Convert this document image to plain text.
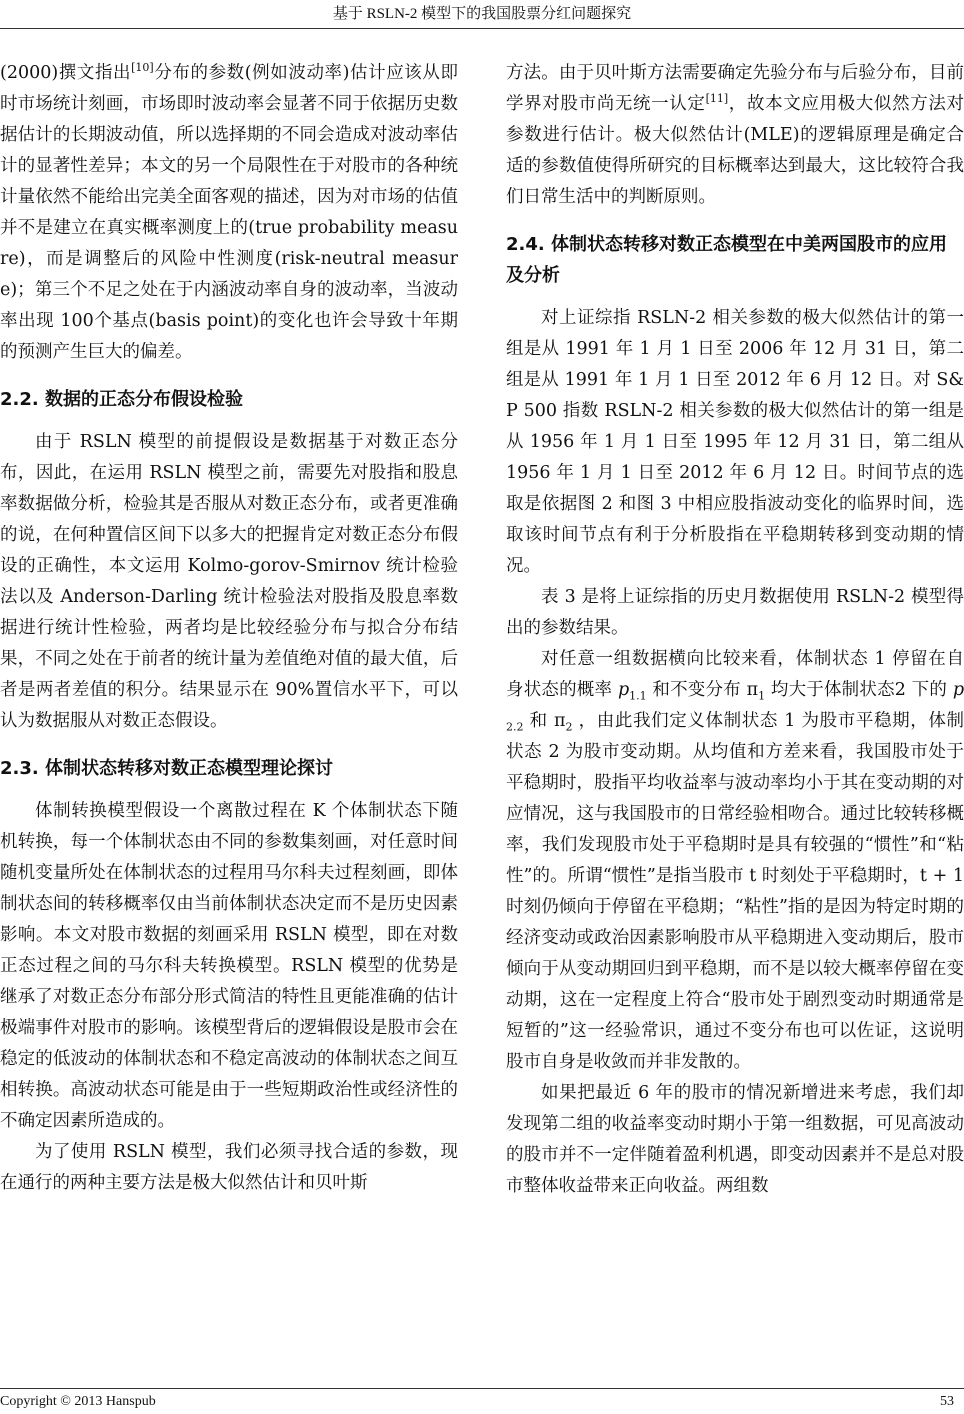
基于 RSLN-2 模型下的我国股票分红问题探究

(2000)撰文指出[10]分布的参数(例如波动率)估计应该从即时市场统计刻画，市场即时波动率会显著不同于依据历史数据估计的长期波动值，所以选择期的不同会造成对波动率估计的显著性差异；本文的另一个局限性在于对股市的各种统计量依然不能给出完美全面客观的描述，因为对市场的估值并不是建立在真实概率测度上的(true probability measure)，而是调整后的风险中性测度(risk-neutral measure)；第三个不足之处在于内涵波动率自身的波动率，当波动率出现 100个基点(basis point)的变化也许会导致十年期的预测产生巨大的偏差。

2.2. 数据的正态分布假设检验

由于 RSLN 模型的前提假设是数据基于对数正态分布，因此，在运用 RSLN 模型之前，需要先对股指和股息率数据做分析，检验其是否服从对数正态分布，或者更准确的说，在何种置信区间下以多大的把握肯定对数正态分布假设的正确性，本文运用 Kolmo-gorov-Smirnov 统计检验法以及 Anderson-Darling 统计检验法对股指及股息率数据进行统计性检验，两者均是比较经验分布与拟合分布结果，不同之处在于前者的统计量为差值绝对值的最大值，后者是两者差值的积分。结果显示在 90%置信水平下，可以认为数据服从对数正态假设。

2.3. 体制状态转移对数正态模型理论探讨

体制转换模型假设一个离散过程在 K 个体制状态下随机转换，每一个体制状态由不同的参数集刻画，对任意时间随机变量所处在体制状态的过程用马尔科夫过程刻画，即体制状态间的转移概率仅由当前体制状态决定而不是历史因素影响。本文对股市数据的刻画采用 RSLN 模型，即在对数正态过程之间的马尔科夫转换模型。RSLN 模型的优势是继承了对数正态分布部分形式简洁的特性且更能准确的估计极端事件对股市的影响。该模型背后的逻辑假设是股市会在稳定的低波动的体制状态和不稳定高波动的体制状态之间互相转换。高波动状态可能是由于一些短期政治性或经济性的不确定因素所造成的。

为了使用 RSLN 模型，我们必须寻找合适的参数，现在通行的两种主要方法是极大似然估计和贝叶斯

方法。由于贝叶斯方法需要确定先验分布与后验分布，目前学界对股市尚无统一认定[11]，故本文应用极大似然方法对参数进行估计。极大似然估计(MLE)的逻辑原理是确定合适的参数值使得所研究的目标概率达到最大，这比较符合我们日常生活中的判断原则。

2.4. 体制状态转移对数正态模型在中美两国股市的应用及分析

对上证综指 RSLN-2 相关参数的极大似然估计的第一组是从 1991 年 1 月 1 日至 2006 年 12 月 31 日，第二组是从 1991 年 1 月 1 日至 2012 年 6 月 12 日。对 S&P 500 指数 RSLN-2 相关参数的极大似然估计的第一组是从 1956 年 1 月 1 日至 1995 年 12 月 31 日，第二组从 1956 年 1 月 1 日至 2012 年 6 月 12 日。时间节点的选取是依据图 2 和图 3 中相应股指波动变化的临界时间，选取该时间节点有利于分析股指在平稳期转移到变动期的情况。

表 3 是将上证综指的历史月数据使用 RSLN-2 模型得出的参数结果。

对任意一组数据横向比较来看，体制状态 1 停留在自身状态的概率 $p_{1.1}$ 和不变分布 $\pi_1$ 均大于体制状态2 下的 $p_{2.2}$ 和 $\pi_2$ ，由此我们定义体制状态 1 为股市平稳期，体制状态 2 为股市变动期。从均值和方差来看，我国股市处于平稳期时，股指平均收益率与波动率均小于其在变动期的对应情况，这与我国股市的日常经验相吻合。通过比较转移概率，我们发现股市处于平稳期时是具有较强的“惯性”和“粘性”的。所谓“惯性”是指当股市 t 时刻处于平稳期时，t + 1 时刻仍倾向于停留在平稳期；“粘性”指的是因为特定时期的经济变动或政治因素影响股市从平稳期进入变动期后，股市倾向于从变动期回归到平稳期，而不是以较大概率停留在变动期，这在一定程度上符合“股市处于剧烈变动时期通常是短暂的”这一经验常识，通过不变分布也可以佐证，这说明股市自身是收敛而并非发散的。

如果把最近 6 年的股市的情况新增进来考虑，我们却发现第二组的收益率变动时期小于第一组数据，可见高波动的股市并不一定伴随着盈利机遇，即变动因素并不是总对股市整体收益带来正向收益。两组数

Copyright © 2013 Hanspub	53
